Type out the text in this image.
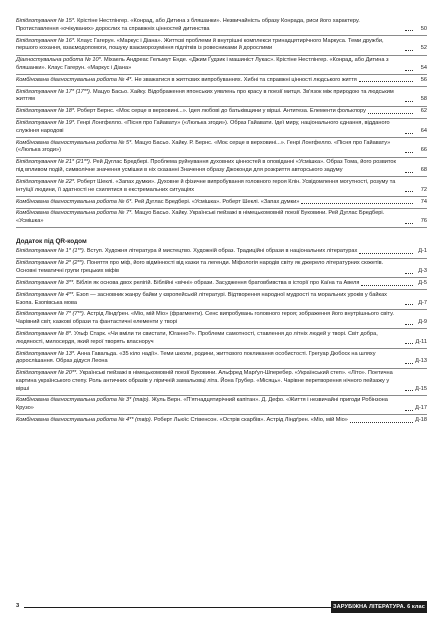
Біпідготування № 15*. Крістіне Нестлінгер. «Конрад, або Дитина з бляшанки». Незвичайність образу Конрада, риси його характеру. Протиставлення «очікуваних» дорослих та справжніх цінностей дитинства	50
Біпідготування № 16*. Клаус Гагерун. «Маркус і Діана». Життєві проблеми й внутрішні комплекси тринадцятирічного Маркуса. Теми дружби, першого кохання, взаємодопомоги, пошуку взаєморозуміння підлітків із ровесниками й дорослими	52
Діагностувальна робота № 10*. Міхаель Андреас Гельмут Енде. «Джим Ґудзик і машиніст Лукас». Крістіне Нестлінгер. «Конрад, або Дитина з бляшанки». Клаус Гагерун. «Маркус і Діана»	54
Комбінована діагностувальна робота № 4*. Не зважатися в життєвих випробуваннях. Хибні та справжні цінності людського життя	56
Біпідготування № 17* (17**). Мацуо Басьо. Хайку. Відображення японських уявлень про красу в поезії митця. Зв'язок між природою та людським життям	58
Біпідготування № 18*. Роберт Бернс. «Моє серце в верховині...». Ідея любові до батьківщини у вірші. Антитеза. Елементи фольклору	62
Біпідготування № 19*. Генрі Лонгфелло. «Пісня про Гайавату» («Люлька згоди»). Образ Гайавати. Ідеї миру, національного єднання, відданого служіння народові	64
Комбінована діагностувальна робота № 5*. Мацуо Басьо. Хайку. Р. Бернс. «Моє серце в верховині...». Генрі Лонгфелло. «Пісня про Гайавату» («Люлька згоди»)	66
Біпідготування № 21* (21**). Рей Дуглас Бредбері. Проблема руйнування духовних цінностей в оповіданні «Усмішка». Образ Тома, його розвиток під впливом подій, символічне значення усмішки в ніх сказанні Значення образу Джоконди для розкриття авторського задуму	68
Біпідготування № 22*. Роберт Шеклі. «Запах думки». Духовне й фізичне випробування головного героя Клін. Усвідомлення могутності, розуму та інтуїції людини, її здатності не схилятися в екстремальних ситуаціях	72
Комбінована діагностувальна робота № 6*. Рей Дуглас Бредбері. «Усмішка». Роберт Шеклі. «Запах думки»	74
Комбінована діагностувальна робота № 7*. Мацуо Басьо. Хайку. Українські пейзажі в німецькомовній поезії Буковини. Рей Дуглас Бредбері. «Усмішка»	76
Додаток під QR-кодом
Біпідготування № 1* (1**). Вступ. Художня література й мистецтво. Художній образ. Традиційні образи в національних літературах	Д-1
Біпідготування № 2* (2**). Поняття про міф, його відмінності від казки та легенди. Міфологія народів світу як джерело літературних сюжетів. Основні тематичні групи грецьких міфів	Д-3
Біпідготування № 3**. Біблія як основа двох релігій. Біблійні «вічні» образи. Засудження братовбивства в історії про Каїна та Авеля	Д-5
Біпідготування № 4**. Езоп — засновник жанру байки у європейській літературі. Відтворення народної мудрості та моральних уроків у байках Езопа. Езопівська мова	Д-7
Біпідготування № 7* (7**). Астрід Ліндґрен. «Міо, мій Міо» (фрагменти). Сенс випробувань головного героя; зображення його внутрішнього світу. Чарівний світ, казкові образи та фантастичні елементи у творі	Д-9
Біпідготування № 8*. Ульф Старк. «Чи вміли ти свистати, Юганно?». Проблеми самотності, ставлення до літніх людей у творі. Світ добра, людяності, милосердя, який герої творять власноруч	Д-11
Біпідготування № 13*. Анна Гавальда. «35 кіло надії». Теми школи, родини, життєвого покликання особистості. Грегуар Дюбоск на шляху дорослішання. Образ дідуся Леона	Д-13
Біпідготування № 20**. Українські пейзажі в німецькомовній поезії Буковини. Альфред Марґул-Шперебер. «Український степ». «Літо». Поетична картина українського степу. Роль античних образів у ліричній замальовці літа. Йона Грубер. «Місяць». Чарівне перетворення нічного пейзажу у вірші	Д-15
Комбінована діагностувальна робота № 3* (твір). Жуль Верн. «П'ятнадцятирічний капітан». Д. Дефо. «Життя і незвичайні пригоди Робінзона Крузо»	Д-17
Комбінована діагностувальна робота № 4** (твір). Роберт Льюїс Стівенсон. «Острів скарбів». Астрід Ліндґрен. «Міо, мій Міо»	Д-18
3	ЗАРУБІЖНА ЛІТЕРАТУРА. 6 клас
